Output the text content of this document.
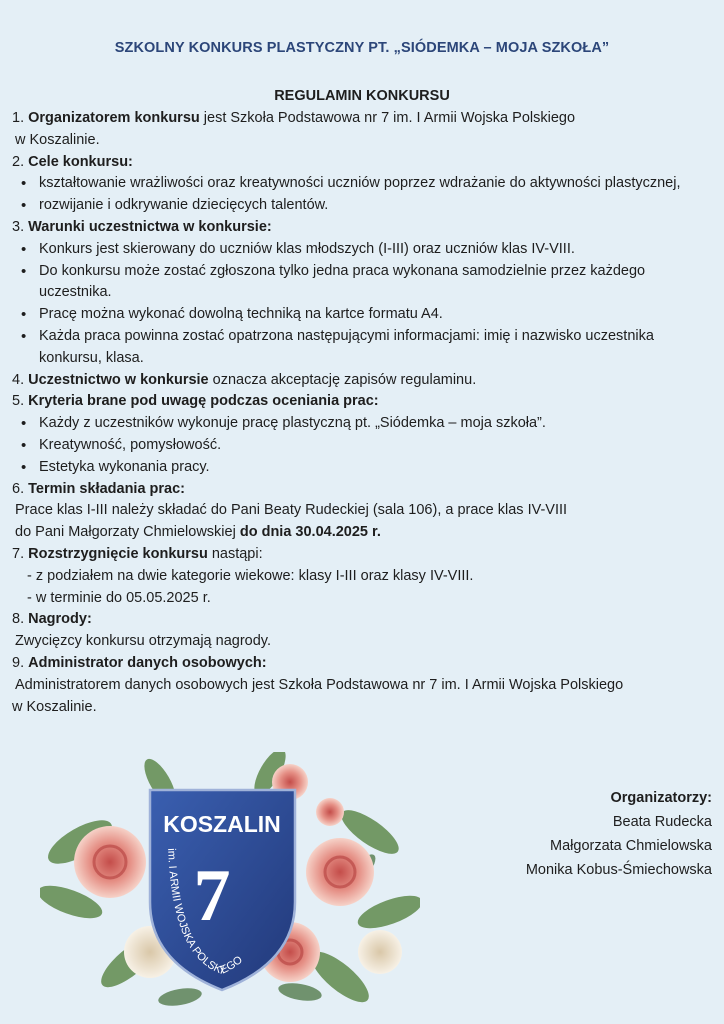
SZKOLNY KONKURS PLASTYCZNY PT. „SIÓDEMKA – MOJA SZKOŁA”
REGULAMIN KONKURSU

1. Organizatorem konkursu jest Szkoła Podstawowa nr 7 im. I Armii Wojska Polskiego

w Koszalinie.

2. Cele konkursu:

• kształtowanie wrażliwości oraz kreatywności uczniów poprzez wdrażanie do aktywności plastycznej,
• rozwijanie i odkrywanie dziecięcych talentów.

3. Warunki uczestnictwa w konkursie:

• Konkurs jest skierowany do uczniów klas młodszych (I-III) oraz uczniów klas IV-VIII.
• Do konkursu może zostać zgłoszona tylko jedna praca wykonana samodzielnie przez każdego uczestnika.
• Pracę można wykonać dowolną techniką na kartce formatu A4.
• Każda praca powinna zostać opatrzona następującymi informacjami: imię i nazwisko uczestnika konkursu, klasa.

4. Uczestnictwo w konkursie oznacza akceptację zapisów regulaminu.

5. Kryteria brane pod uwagę podczas oceniania prac:

• Każdy z uczestników wykonuje pracę plastyczną pt. „Siódemka – moja szkoła”.
• Kreatywność, pomysłowość.
• Estetyka wykonania pracy.

6. Termin składania prac:

Prace klas I-III należy składać do Pani Beaty Rudeckiej (sala 106), a prace klas IV-VIII

do Pani Małgorzaty Chmielowskiej do dnia 30.04.2025 r.

7. Rozstrzygnięcie konkursu nastąpi:

- z podziałem na dwie kategorie wiekowe: klasy I-III oraz klasy IV-VIII.

- w terminie do 05.05.2025 r.

8. Nagrody:

Zwycięzcy konkursu otrzymają nagrody.

9. Administrator danych osobowych:

Administratorem danych osobowych jest Szkoła Podstawowa nr 7 im. I Armii Wojska Polskiego

w Koszalinie.

KOSZALIN
7
im. I ARMII WOJSKA POLSKIEGO
Organizatorzy:
Beata Rudecka
Małgorzata Chmielowska
Monika Kobus-Śmiechowska
